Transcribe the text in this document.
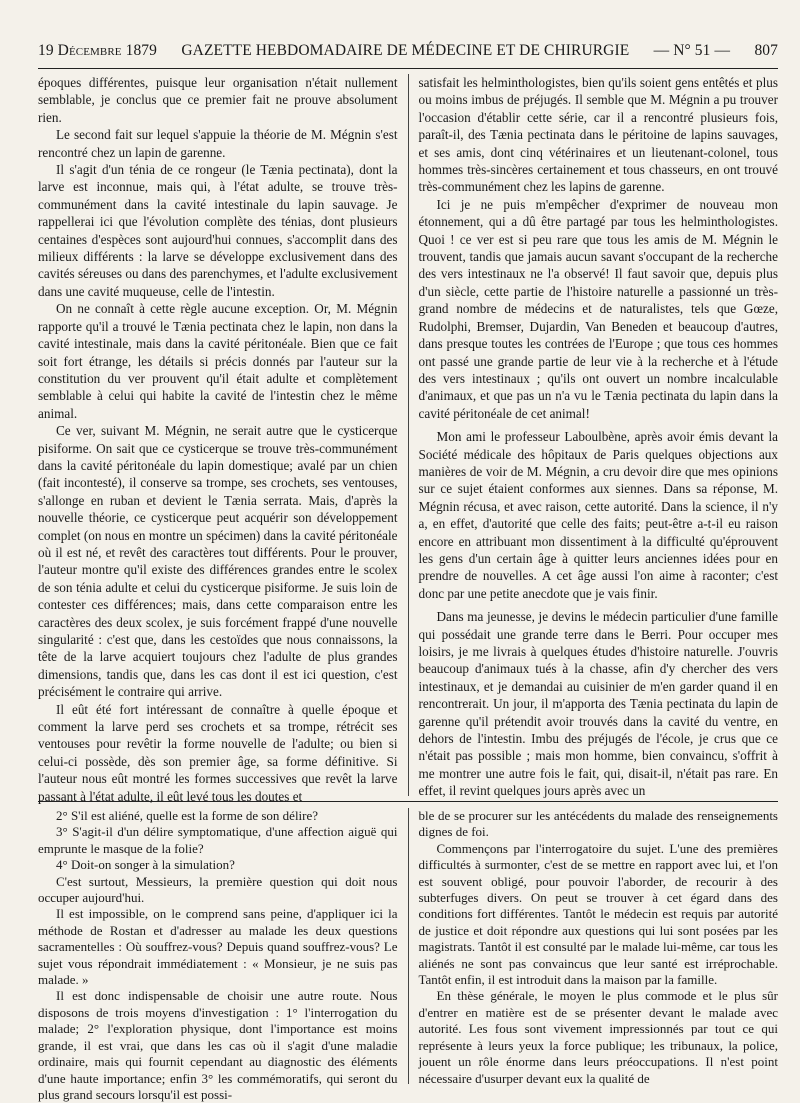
19 Décembre 1879 GAZETTE HEBDOMADAIRE DE MÉDECINE ET DE CHIRURGIE — N° 51 — 807

époques différentes, puisque leur organisation n'était nullement semblable, je conclus que ce premier fait ne prouve absolument rien.

Le second fait sur lequel s'appuie la théorie de M. Mégnin s'est rencontré chez un lapin de garenne.

Il s'agit d'un ténia de ce rongeur (le Tænia pectinata), dont la larve est inconnue, mais qui, à l'état adulte, se trouve très-communément dans la cavité intestinale du lapin sauvage. Je rappellerai ici que l'évolution complète des ténias, dont plusieurs centaines d'espèces sont aujourd'hui connues, s'accomplit dans des milieux différents : la larve se développe exclusivement dans des cavités séreuses ou dans des parenchymes, et l'adulte exclusivement dans une cavité muqueuse, celle de l'intestin.

On ne connaît à cette règle aucune exception. Or, M. Mégnin rapporte qu'il a trouvé le Tænia pectinata chez le lapin, non dans la cavité intestinale, mais dans la cavité péritonéale. Bien que ce fait soit fort étrange, les détails si précis donnés par l'auteur sur la constitution du ver prouvent qu'il était adulte et complètement semblable à celui qui habite la cavité de l'intestin chez le même animal.

Ce ver, suivant M. Mégnin, ne serait autre que le cysticerque pisiforme. On sait que ce cysticerque se trouve très-communément dans la cavité péritonéale du lapin domestique; avalé par un chien (fait incontesté), il conserve sa trompe, ses crochets, ses ventouses, s'allonge en ruban et devient le Tænia serrata. Mais, d'après la nouvelle théorie, ce cysticerque peut acquérir son développement complet (on nous en montre un spécimen) dans la cavité péritonéale où il est né, et revêt des caractères tout différents. Pour le prouver, l'auteur montre qu'il existe des différences grandes entre le scolex de son ténia adulte et celui du cysticerque pisiforme. Je suis loin de contester ces différences; mais, dans cette comparaison entre les caractères des deux scolex, je suis forcément frappé d'une nouvelle singularité : c'est que, dans les cestoïdes que nous connaissons, la tête de la larve acquiert toujours chez l'adulte de plus grandes dimensions, tandis que, dans les cas dont il est ici question, c'est précisément le contraire qui arrive.

Il eût été fort intéressant de connaître à quelle époque et comment la larve perd ses crochets et sa trompe, rétrécit ses ventouses pour revêtir la forme nouvelle de l'adulte; ou bien si celui-ci possède, dès son premier âge, sa forme définitive. Si l'auteur nous eût montré les formes successives que revêt la larve passant à l'état adulte, il eût levé tous les doutes et

satisfait les helminthologistes, bien qu'ils soient gens entêtés et plus ou moins imbus de préjugés. Il semble que M. Mégnin a pu trouver l'occasion d'établir cette série, car il a rencontré plusieurs fois, paraît-il, des Tænia pectinata dans le péritoine de lapins sauvages, et ses amis, dont cinq vétérinaires et un lieutenant-colonel, tous hommes très-sincères certainement et tous chasseurs, en ont trouvé très-communément chez les lapins de garenne.

Ici je ne puis m'empêcher d'exprimer de nouveau mon étonnement, qui a dû être partagé par tous les helminthologistes. Quoi ! ce ver est si peu rare que tous les amis de M. Mégnin le trouvent, tandis que jamais aucun savant s'occupant de la recherche des vers intestinaux ne l'a observé! Il faut savoir que, depuis plus d'un siècle, cette partie de l'histoire naturelle a passionné un très-grand nombre de médecins et de naturalistes, tels que Gœze, Rudolphi, Bremser, Dujardin, Van Beneden et beaucoup d'autres, dans presque toutes les contrées de l'Europe ; que tous ces hommes ont passé une grande partie de leur vie à la recherche et à l'étude des vers intestinaux ; qu'ils ont ouvert un nombre incalculable d'animaux, et que pas un n'a vu le Tænia pectinata du lapin dans la cavité péritonéale de cet animal!

Mon ami le professeur Laboulbène, après avoir émis devant la Société médicale des hôpitaux de Paris quelques objections aux manières de voir de M. Mégnin, a cru devoir dire que mes opinions sur ce sujet étaient conformes aux siennes. Dans sa réponse, M. Mégnin récusa, et avec raison, cette autorité. Dans la science, il n'y a, en effet, d'autorité que celle des faits; peut-être a-t-il eu raison encore en attribuant mon dissentiment à la difficulté qu'éprouvent les gens d'un certain âge à quitter leurs anciennes idées pour en prendre de nouvelles. A cet âge aussi l'on aime à raconter; c'est donc par une petite anecdote que je vais finir.

Dans ma jeunesse, je devins le médecin particulier d'une famille qui possédait une grande terre dans le Berri. Pour occuper mes loisirs, je me livrais à quelques études d'histoire naturelle. J'ouvris beaucoup d'animaux tués à la chasse, afin d'y chercher des vers intestinaux, et je demandai au cuisinier de m'en garder quand il en rencontrerait. Un jour, il m'apporta des Tænia pectinata du lapin de garenne qu'il prétendit avoir trouvés dans la cavité du ventre, en dehors de l'intestin. Imbu des préjugés de l'école, je crus que ce n'était pas possible ; mais mon homme, bien convaincu, s'offrit à me montrer une autre fois le fait, qui, disait-il, n'était pas rare. En effet, il revint quelques jours après avec un

2° S'il est aliéné, quelle est la forme de son délire?

3° S'agit-il d'un délire symptomatique, d'une affection aiguë qui emprunte le masque de la folie?

4° Doit-on songer à la simulation?

C'est surtout, Messieurs, la première question qui doit nous occuper aujourd'hui.

Il est impossible, on le comprend sans peine, d'appliquer ici la méthode de Rostan et d'adresser au malade les deux questions sacramentelles : Où souffrez-vous? Depuis quand souffrez-vous? Le sujet vous répondrait immédiatement : « Monsieur, je ne suis pas malade. »

Il est donc indispensable de choisir une autre route. Nous disposons de trois moyens d'investigation : 1° l'interrogation du malade; 2° l'exploration physique, dont l'importance est moins grande, il est vrai, que dans les cas où il s'agit d'une maladie ordinaire, mais qui fournit cependant au diagnostic des éléments d'une haute importance; enfin 3° les commémoratifs, qui seront du plus grand secours lorsqu'il est possi-

ble de se procurer sur les antécédents du malade des renseignements dignes de foi.

Commençons par l'interrogatoire du sujet. L'une des premières difficultés à surmonter, c'est de se mettre en rapport avec lui, et l'on est souvent obligé, pour pouvoir l'aborder, de recourir à des subterfuges divers. On peut se trouver à cet égard dans des conditions fort différentes. Tantôt le médecin est requis par autorité de justice et doit répondre aux questions qui lui sont posées par les magistrats. Tantôt il est consulté par le malade lui-même, car tous les aliénés ne sont pas convaincus que leur santé est irréprochable. Tantôt enfin, il est introduit dans la maison par la famille.

En thèse générale, le moyen le plus commode et le plus sûr d'entrer en matière est de se présenter devant le malade avec autorité. Les fous sont vivement impressionnés par tout ce qui représente à leurs yeux la force publique; les tribunaux, la police, jouent un rôle énorme dans leurs préoccupations. Il n'est point nécessaire d'usurper devant eux la qualité de
